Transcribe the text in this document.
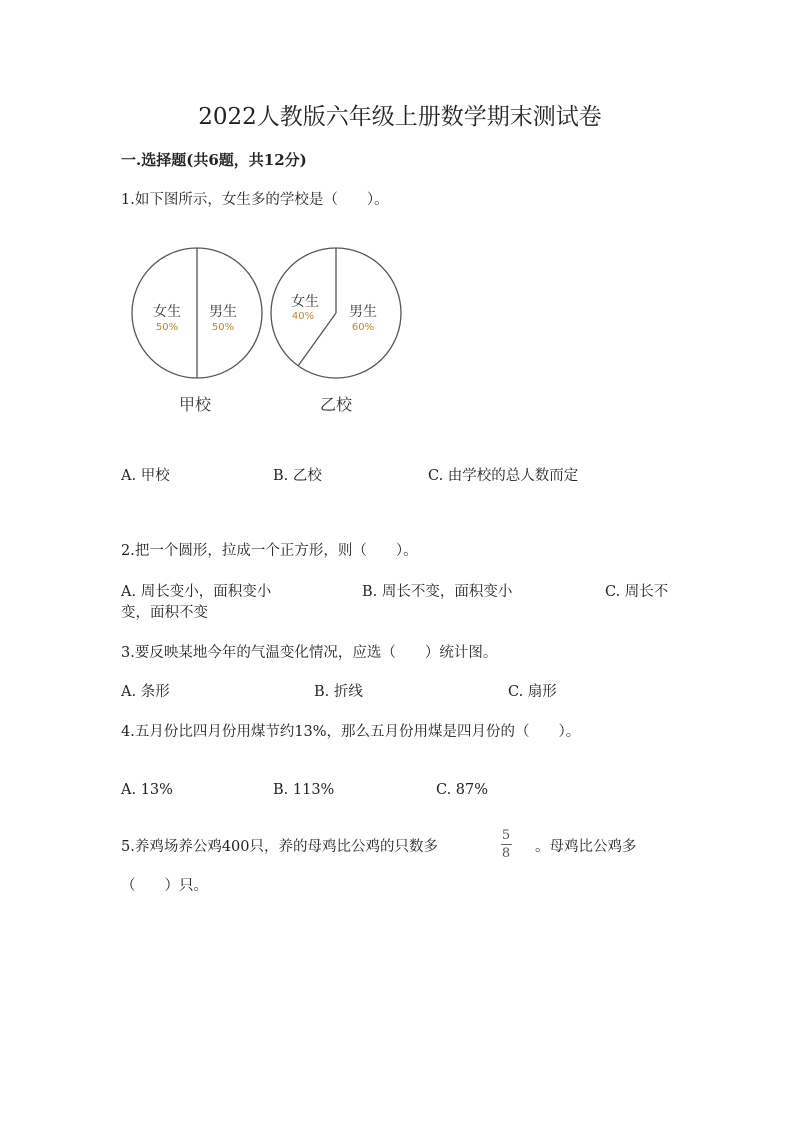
2022人教版六年级上册数学期末测试卷
一.选择题(共6题，共12分)
1.如下图所示，女生多的学校是（　　）。
女生
50%
男生
50%
甲校
女生
40% 男生
60%
乙校
A. 甲校	B. 乙校	C. 由学校的总人数而定
2.把一个圆形，拉成一个正方形，则（　　）。
A. 周长变小，面积变小	B. 周长不变，面积变小	C. 周长不
变，面积不变
3.要反映某地今年的气温变化情况，应选（　　）统计图。
A. 条形	B. 折线	C. 扇形
4.五月份比四月份用煤节约13%，那么五月份用煤是四月份的（　　）。
A. 13%	B. 113%	C. 87%
5.养鸡场养公鸡400只，养的母鸡比公鸡的只数多
5
8 。母鸡比公鸡多
（　　）只。
